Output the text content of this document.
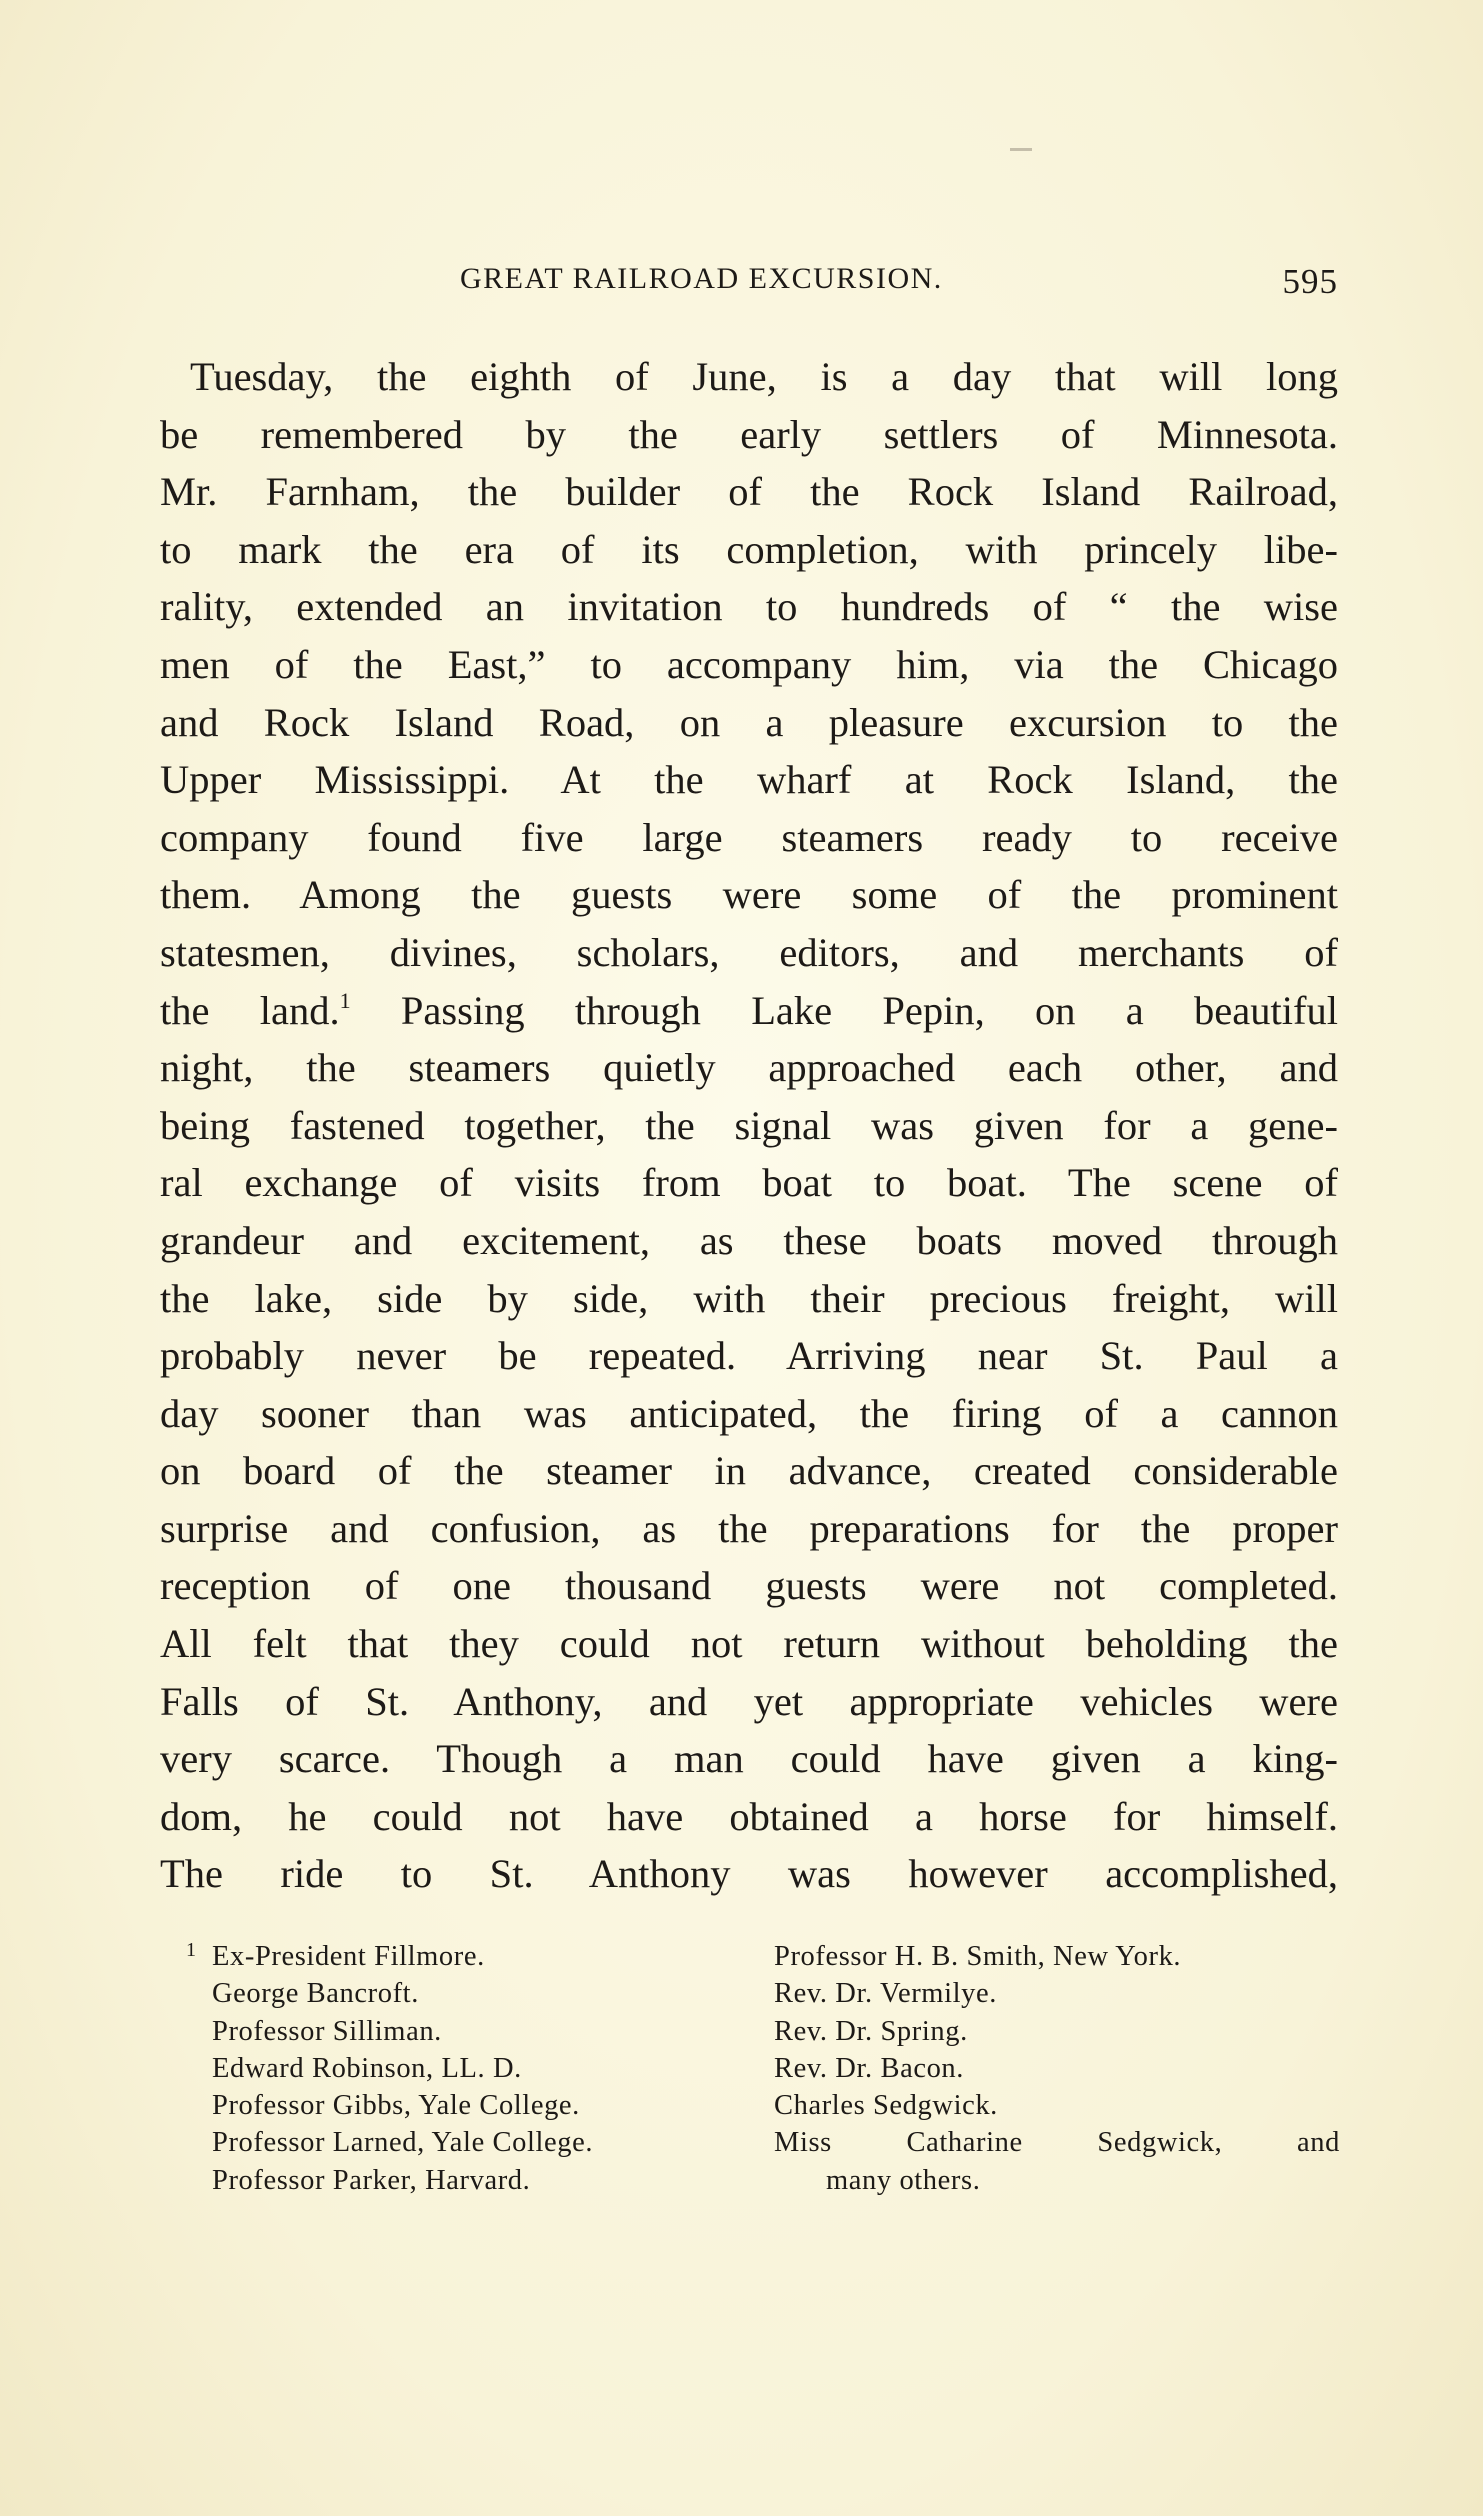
GREAT RAILROAD EXCURSION.	595
Tuesday, the eighth of June, is a day that will long
be remembered by the early settlers of Minnesota.
Mr. Farnham, the builder of the Rock Island Railroad,
to mark the era of its completion, with princely libe-
rality, extended an invitation to hundreds of “ the wise
men of the East,” to accompany him, via the Chicago
and Rock Island Road, on a pleasure excursion to the
Upper Mississippi. At the wharf at Rock Island, the
company found five large steamers ready to receive
them. Among the guests were some of the prominent
statesmen, divines, scholars, editors, and merchants of
the land.$^1$ Passing through Lake Pepin, on a beautiful
night, the steamers quietly approached each other, and
being fastened together, the signal was given for a gene-
ral exchange of visits from boat to boat. The scene of
grandeur and excitement, as these boats moved through
the lake, side by side, with their precious freight, will
probably never be repeated. Arriving near St. Paul a
day sooner than was anticipated, the firing of a cannon
on board of the steamer in advance, created considerable
surprise and confusion, as the preparations for the proper
reception of one thousand guests were not completed.
All felt that they could not return without beholding the
Falls of St. Anthony, and yet appropriate vehicles were
very scarce. Though a man could have given a king-
dom, he could not have obtained a horse for himself.
The ride to St. Anthony was however accomplished,
1 Ex-President Fillmore.
George Bancroft.
Professor Silliman.
Edward Robinson, LL. D.
Professor Gibbs, Yale College.
Professor Larned, Yale College.
Professor Parker, Harvard.
Professor H. B. Smith, New York.
Rev. Dr. Vermilye.
Rev. Dr. Spring.
Rev. Dr. Bacon.
Charles Sedgwick.
Miss Catharine Sedgwick, and
many others.
